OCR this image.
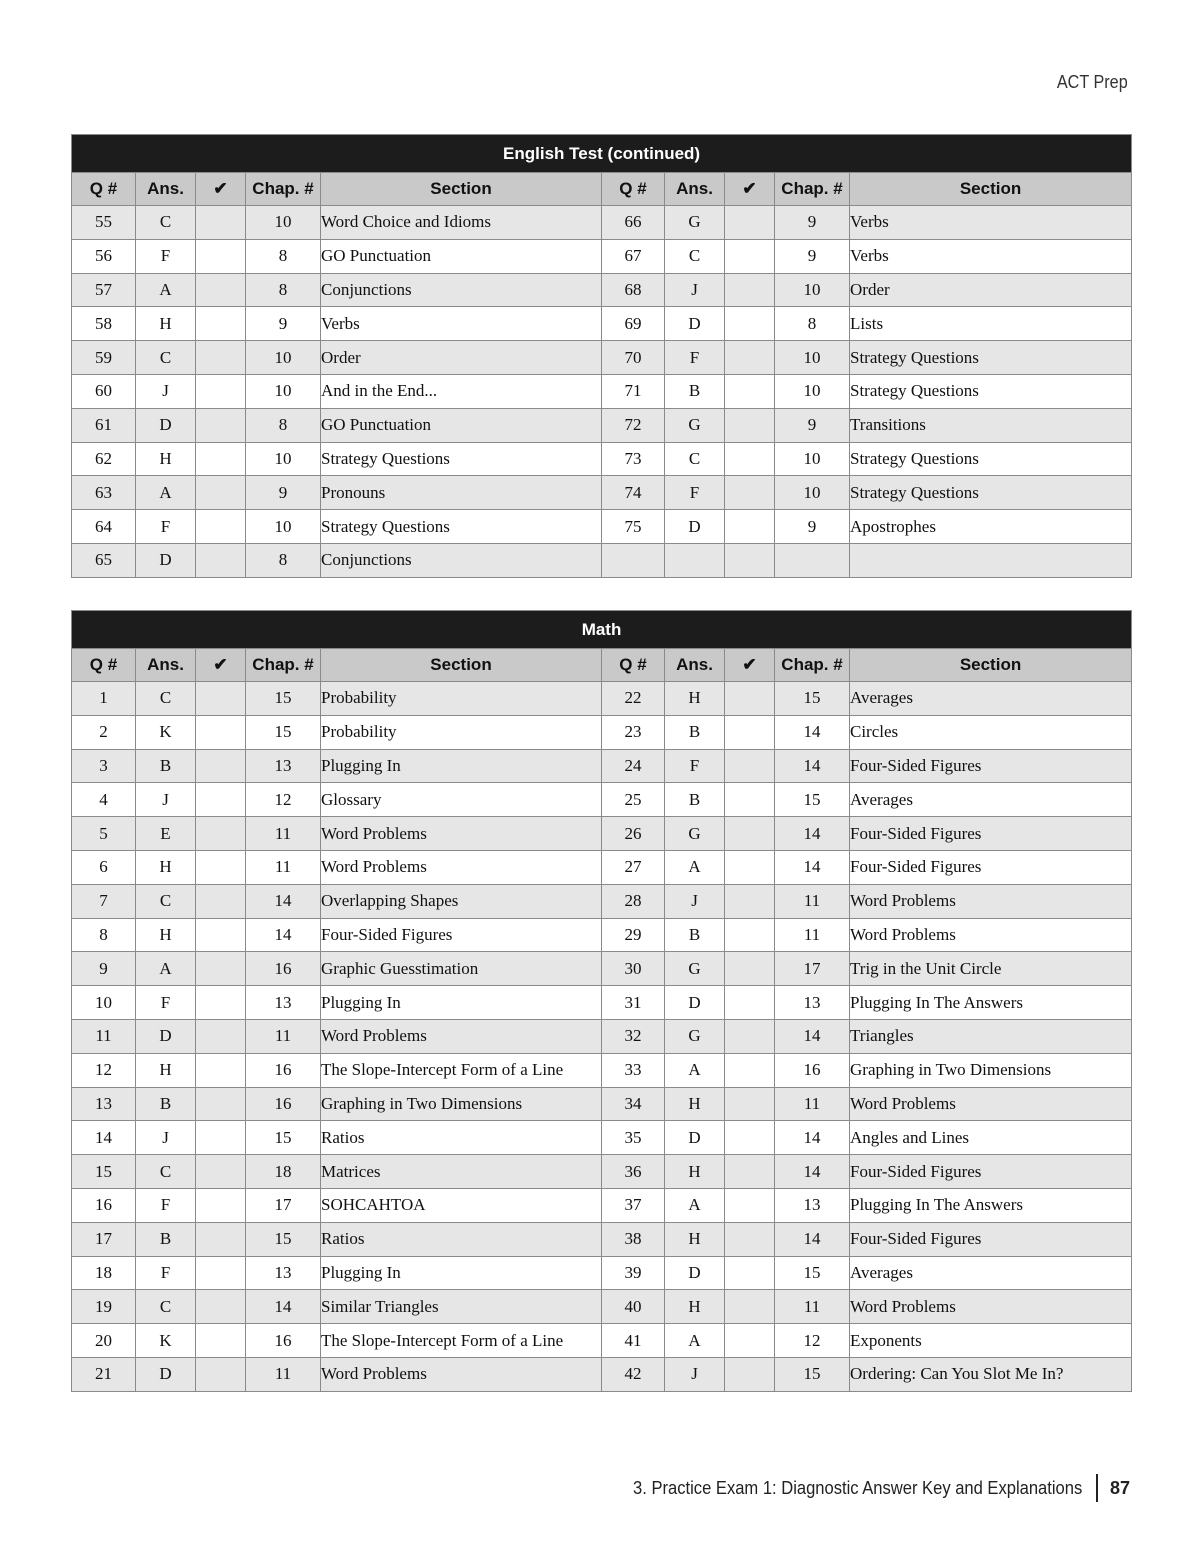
ACT Prep
English Test (continued)									
Q #	Ans.	✔	Chap. #	Section	Q #	Ans.	✔	Chap. #	Section
55	C		10	Word Choice and Idioms	66	G		9	Verbs
56	F		8	GO Punctuation	67	C		9	Verbs
57	A		8	Conjunctions	68	J		10	Order
58	H		9	Verbs	69	D		8	Lists
59	C		10	Order	70	F		10	Strategy Questions
60	J		10	And in the End...	71	B		10	Strategy Questions
61	D		8	GO Punctuation	72	G		9	Transitions
62	H		10	Strategy Questions	73	C		10	Strategy Questions
63	A		9	Pronouns	74	F		10	Strategy Questions
64	F		10	Strategy Questions	75	D		9	Apostrophes
65	D		8	Conjunctions					
Math									
Q #	Ans.	✔	Chap. #	Section	Q #	Ans.	✔	Chap. #	Section
1	C		15	Probability	22	H		15	Averages
2	K		15	Probability	23	B		14	Circles
3	B		13	Plugging In	24	F		14	Four-Sided Figures
4	J		12	Glossary	25	B		15	Averages
5	E		11	Word Problems	26	G		14	Four-Sided Figures
6	H		11	Word Problems	27	A		14	Four-Sided Figures
7	C		14	Overlapping Shapes	28	J		11	Word Problems
8	H		14	Four-Sided Figures	29	B		11	Word Problems
9	A		16	Graphic Guesstimation	30	G		17	Trig in the Unit Circle
10	F		13	Plugging In	31	D		13	Plugging In The Answers
11	D		11	Word Problems	32	G		14	Triangles
12	H		16	The Slope-Intercept Form of a Line	33	A		16	Graphing in Two Dimensions
13	B		16	Graphing in Two Dimensions	34	H		11	Word Problems
14	J		15	Ratios	35	D		14	Angles and Lines
15	C		18	Matrices	36	H		14	Four-Sided Figures
16	F		17	SOHCAHTOA	37	A		13	Plugging In The Answers
17	B		15	Ratios	38	H		14	Four-Sided Figures
18	F		13	Plugging In	39	D		15	Averages
19	C		14	Similar Triangles	40	H		11	Word Problems
20	K		16	The Slope-Intercept Form of a Line	41	A		12	Exponents
21	D		11	Word Problems	42	J		15	Ordering: Can You Slot Me In?
3. Practice Exam 1: Diagnostic Answer Key and Explanations 87
